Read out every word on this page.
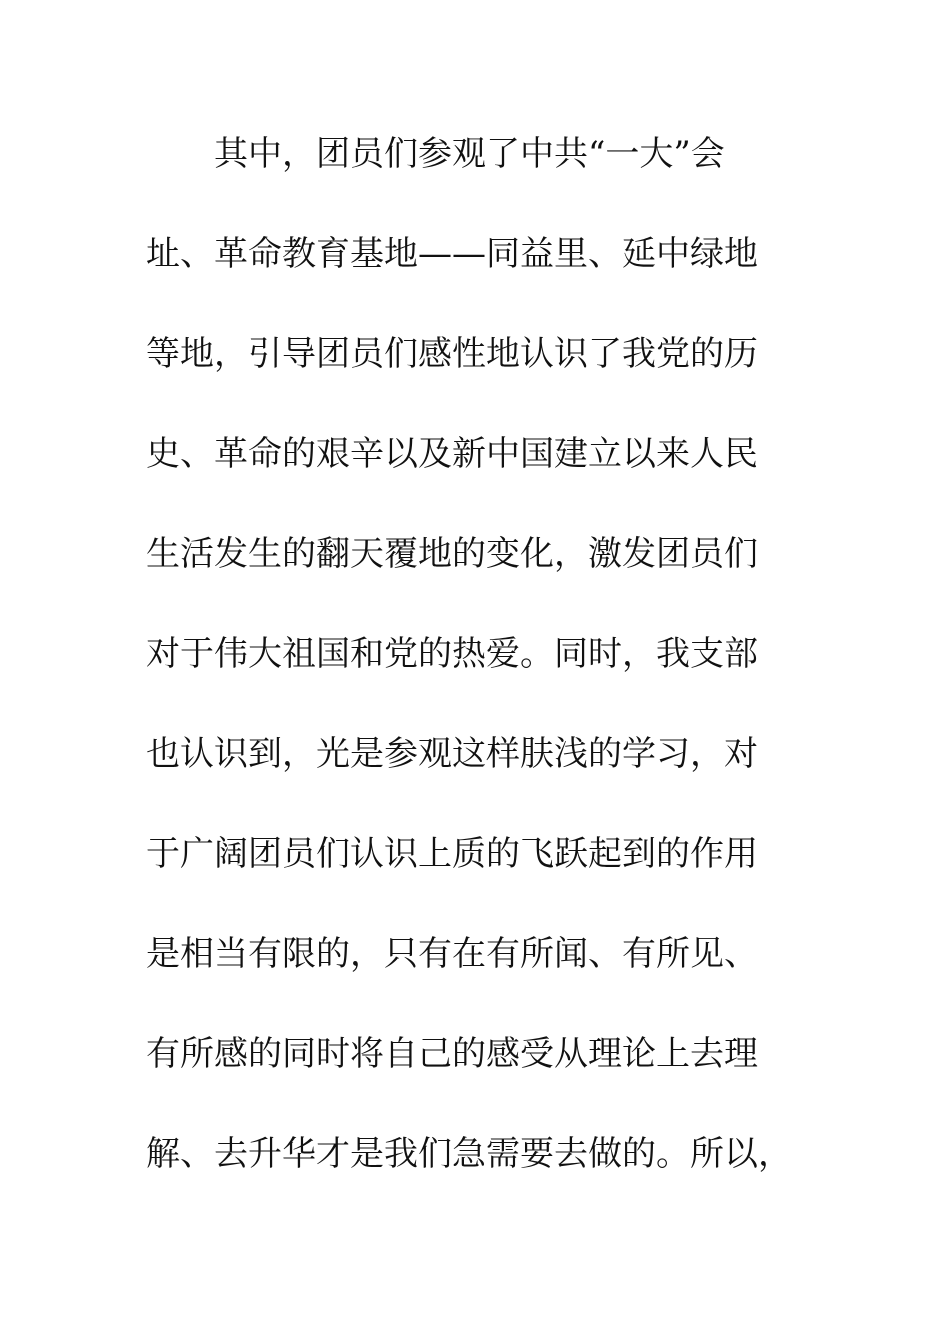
其中，团员们参观了中共“一大”会
址、革命教育基地——同益里、延中绿地
等地，引导团员们感性地认识了我党的历
史、革命的艰辛以及新中国建立以来人民
生活发生的翻天覆地的变化，激发团员们
对于伟大祖国和党的热爱。同时，我支部
也认识到，光是参观这样肤浅的学习，对
于广阔团员们认识上质的飞跃起到的作用
是相当有限的，只有在有所闻、有所见、
有所感的同时将自己的感受从理论上去理
解、去升华才是我们急需要去做的。所以，
